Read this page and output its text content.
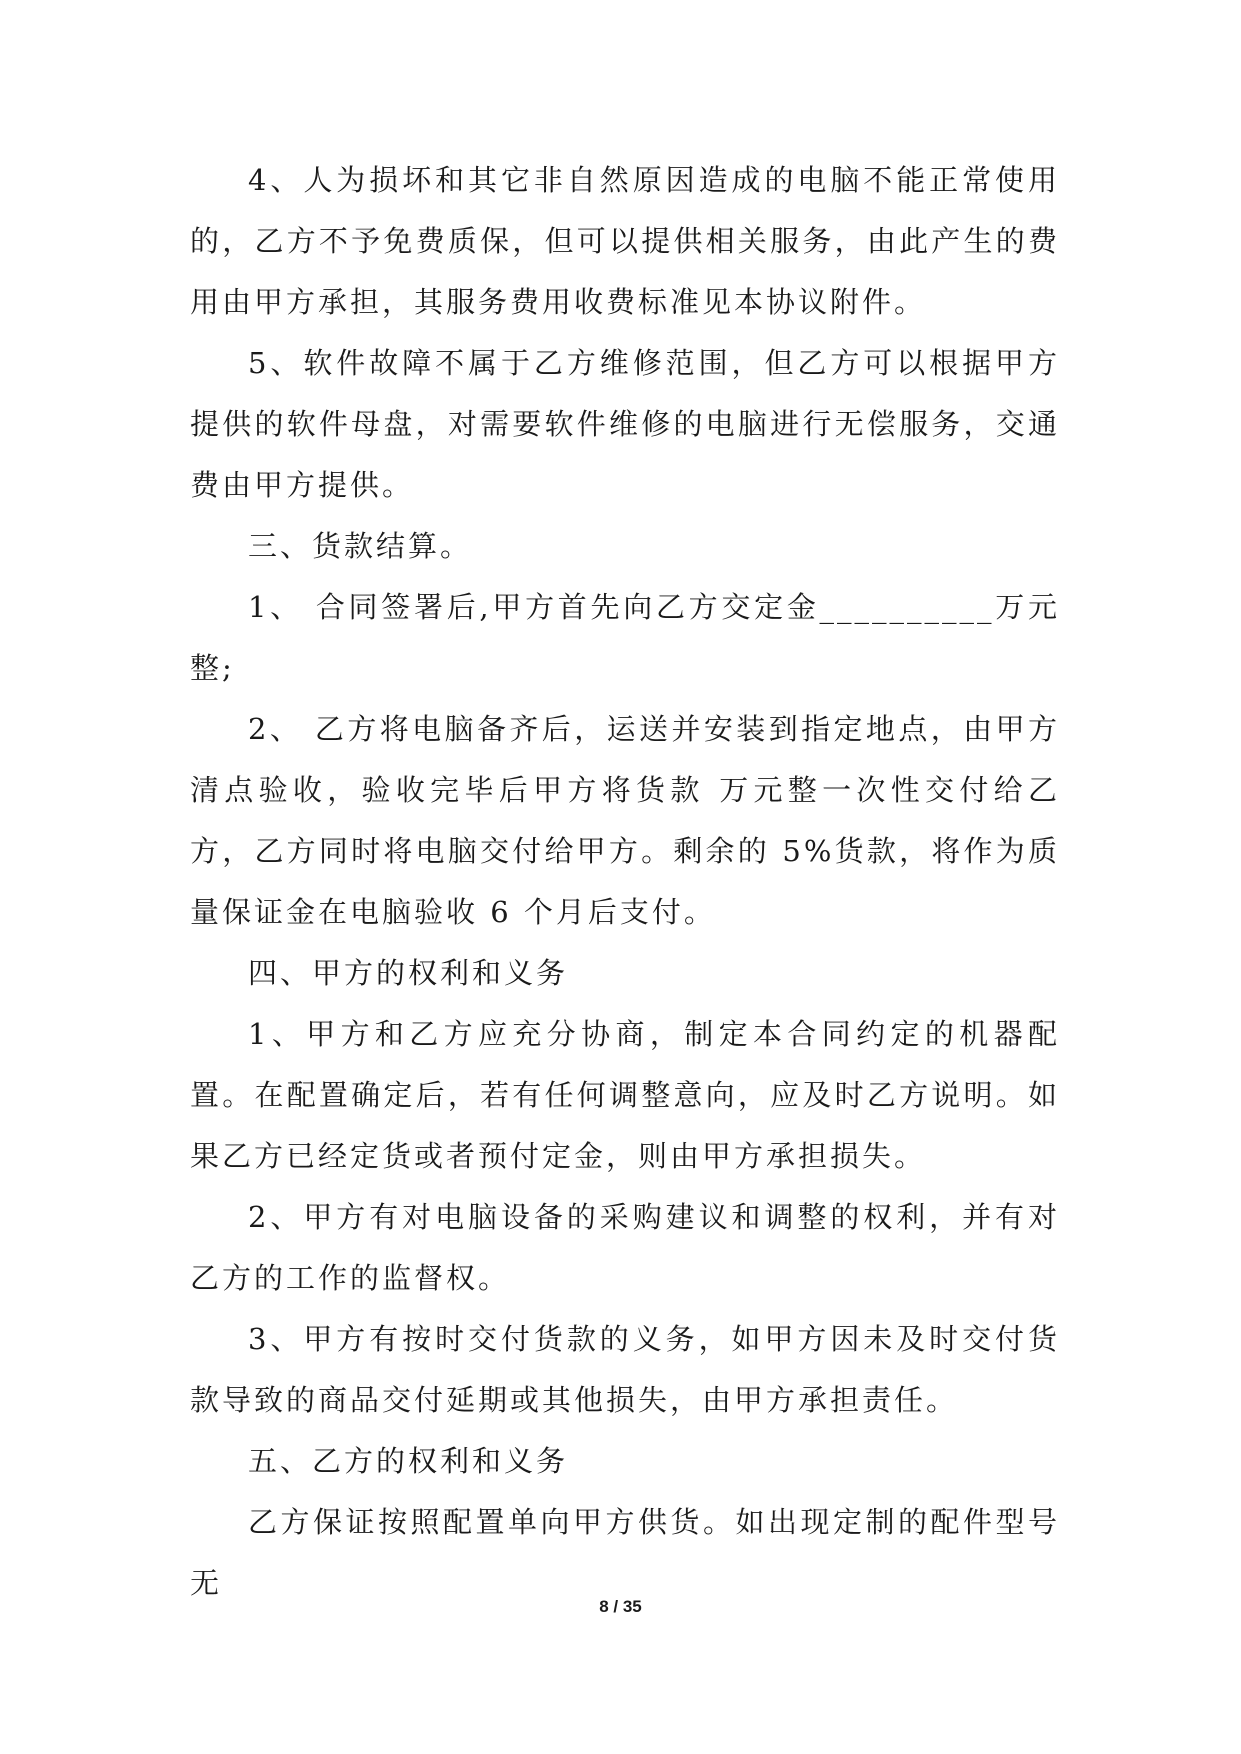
4、人为损坏和其它非自然原因造成的电脑不能正常使用的，乙方不予免费质保，但可以提供相关服务，由此产生的费用由甲方承担，其服务费用收费标准见本协议附件。

5、软件故障不属于乙方维修范围，但乙方可以根据甲方提供的软件母盘，对需要软件维修的电脑进行无偿服务，交通费由甲方提供。

三、货款结算。

1、 合同签署后,甲方首先向乙方交定金__________万元整;

2、 乙方将电脑备齐后，运送并安装到指定地点，由甲方清点验收，验收完毕后甲方将货款 万元整一次性交付给乙方，乙方同时将电脑交付给甲方。剩余的 5%货款，将作为质量保证金在电脑验收 6 个月后支付。

四、甲方的权利和义务

1、甲方和乙方应充分协商，制定本合同约定的机器配置。在配置确定后，若有任何调整意向，应及时乙方说明。如果乙方已经定货或者预付定金，则由甲方承担损失。

2、甲方有对电脑设备的采购建议和调整的权利，并有对乙方的工作的监督权。

3、甲方有按时交付货款的义务，如甲方因未及时交付货款导致的商品交付延期或其他损失，由甲方承担责任。

五、乙方的权利和义务

乙方保证按照配置单向甲方供货。如出现定制的配件型号无

8 / 35
